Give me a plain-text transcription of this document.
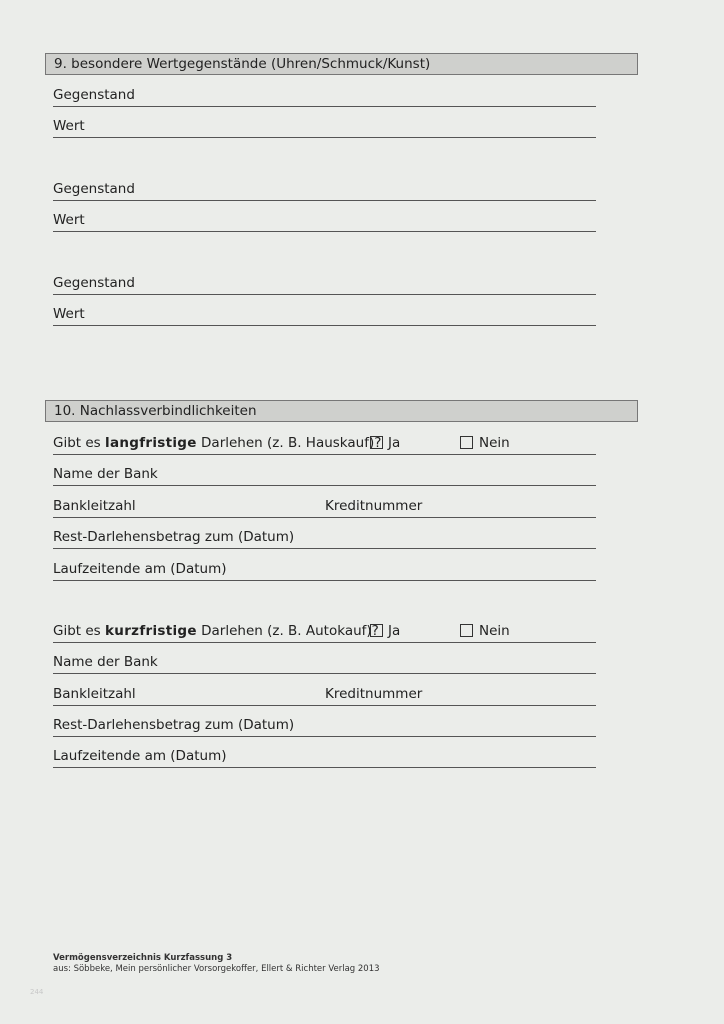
9. besondere Wertgegenstände (Uhren/Schmuck/Kunst)
Gegenstand
Wert
Gegenstand
Wert
Gegenstand
Wert
10. Nachlassverbindlichkeiten
Gibt es langfristige Darlehen (z. B. Hauskauf)? Ja	Nein
Name der Bank
Bankleitzahl	Kreditnummer
Rest-Darlehensbetrag zum (Datum)
Laufzeitende am (Datum)
Gibt es kurzfristige Darlehen (z. B. Autokauf)? Ja	Nein
Name der Bank
Bankleitzahl	Kreditnummer
Rest-Darlehensbetrag zum (Datum)
Laufzeitende am (Datum)
Vermögensverzeichnis Kurzfassung 3
aus: Söbbeke, Mein persönlicher Vorsorgekoffer, Ellert & Richter Verlag 2013
244
